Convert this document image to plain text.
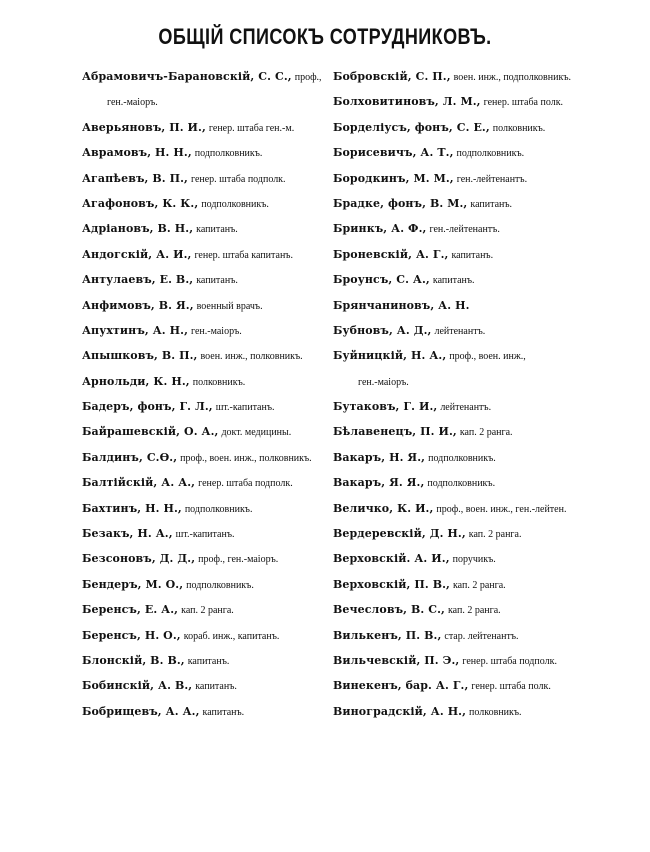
ОБЩІЙ СПИСОКЪ СОТРУДНИКОВЪ.
Абрамовичъ-Барановскій, С. С., проф.,
ген.-маіоръ.
Аверьяновъ, П. И., генер. штаба ген.-м.
Аврамовъ, Н. Н., подполковникъ.
Агапѣевъ, В. П., генер. штаба подполк.
Агафоновъ, К. К., подполковникъ.
Адріановъ, В. Н., капитанъ.
Андогскій, А. И., генер. штаба капитанъ.
Антулаевъ, Е. В., капитанъ.
Анфимовъ, В. Я., военный врачъ.
Апухтинъ, А. Н., ген.-маіоръ.
Апышковъ, В. П., воен. инж., полковникъ.
Арнольди, К. Н., полковникъ.
Бадеръ, фонъ, Г. Л., шт.-капитанъ.
Байрашевскій, О. А., докт. медицины.
Балдинъ, С.Ѳ., проф., воен. инж., полковникъ.
Балтійскій, А. А., генер. штаба подполк.
Бахтинъ, Н. Н., подполковникъ.
Безакъ, Н. А., шт.-капитанъ.
Безсоновъ, Д. Д., проф., ген.-маіоръ.
Бендеръ, М. О., подполковникъ.
Беренсъ, Е. А., кап. 2 ранга.
Беренсъ, Н. О., кораб. инж., капитанъ.
Блонскій, В. В., капитанъ.
Бобинскій, А. В., капитанъ.
Бобрищевъ, А. А., капитанъ.
Бобровскій, С. П., воен. инж., подполковникъ.
Болховитиновъ, Л. М., генер. штаба полк.
Борделіусъ, фонъ, С. Е., полковникъ.
Борисевичъ, А. Т., подполковникъ.
Бородкинъ, М. М., ген.-лейтенантъ.
Брадке, фонъ, В. М., капитанъ.
Бринкъ, А. Ф., ген.-лейтенантъ.
Броневскій, А. Г., капитанъ.
Броунсъ, С. А., капитанъ.
Брянчаниновъ, А. Н.
Бубновъ, А. Д., лейтенантъ.
Буйницкій, Н. А., проф., воен. инж.,
ген.-маіоръ.
Бутаковъ, Г. И., лейтенантъ.
Бѣлавенецъ, П. И., кап. 2 ранга.
Вакаръ, Н. Я., подполковникъ.
Вакаръ, Я. Я., подполковникъ.
Величко, К. И., проф., воен. инж., ген.-лейтен.
Вердеревскій, Д. Н., кап. 2 ранга.
Верховскій. А. И., поручикъ.
Верховскій, П. В., кап. 2 ранга.
Вечесловъ, В. С., кап. 2 ранга.
Вилькенъ, П. В., стар. лейтенантъ.
Вильчевскій, П. Э., генер. штаба подполк.
Винекенъ, бар. А. Г., генер. штаба полк.
Виноградскій, А. Н., полковникъ.
